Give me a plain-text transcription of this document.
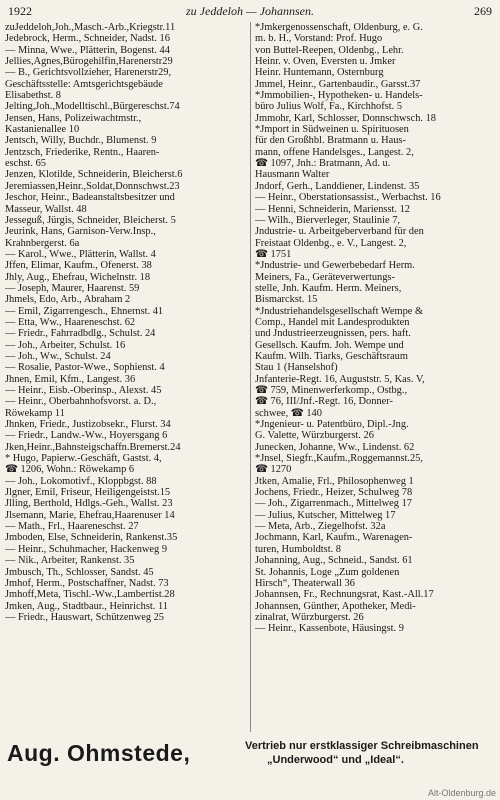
1922	zu Jeddeloh — Johannsen.	269
zuJeddeloh,Joh.,Masch.-Arb.,Kriegstr.11
Jedebrock, Herm., Schneider, Nadst. 16
— Minna, Wwe., Plätterin, Bogenst. 44
Jellies,Agnes,Bürogehilfin,Harenerstr29
— B., Gerichtsvollzieher, Harenerstr29,
Geschäftsstelle: Amtsgerichtsgebäude
Elisabethst. 8
Jelting,Joh.,Modelltischl.,Bürgereschst.74
Jensen, Hans, Polizeiwachtmstr.,
Kastanienallee 10
Jentsch, Willy, Buchdr., Blumenst. 9
Jentzsch, Friederike, Rentn., Haaren-
eschst. 65
Jenzen, Klotilde, Schneiderin, Bleicherst.6
Jeremiassen,Heinr.,Soldat,Donnschwst.23
Jeschor, Heinr., Badeanstaltsbesitzer und
Masseur, Wallst. 48
Jesseguß, Jürgis, Schneider, Bleicherst. 5
Jeurink, Hans, Garnison-Verw.Insp.,
Krahnbergerst. 6a
— Karol., Wwe., Plätterin, Wallst. 4
Jffen, Elimar, Kaufm., Ofenerst. 38
Jhly, Aug., Ehefrau, Wichelnstr. 18
— Joseph, Maurer, Haarenst. 59
Jhmels, Edo, Arb., Abraham 2
— Emil, Zigarrengesch., Ehnernst. 41
— Etta, Ww., Haareneschst. 62
— Friedr., Fahrradbdlg., Schulst. 24
— Joh., Arbeiter, Schulst. 16
— Joh., Ww., Schulst. 24
— Rosalie, Pastor-Wwe., Sophienst. 4
Jhnen, Emil, Kfm., Langest. 36
— Heinr., Eisb.-Oberinsp., Alexst. 45
— Heinr., Oberbahnhofsvorst. a. D.,
Röwekamp 11
Jhnken, Friedr., Justizobsekr., Flurst. 34
— Friedr., Landw.-Ww., Hoyersgang 6
Jken,Heinr.,Bahnsteigschaffn.Bremerst.24
* Hugo, Papierw.-Geschäft, Gastst. 4,
☎ 1206, Wohn.: Röwekamp 6
— Joh., Lokomotivf., Kloppbgst. 88
Jlgner, Emil, Friseur, Heiligengeistst.15
Jlling, Berthold, Hdlgs.-Geh., Wallst. 23
Jlsemann, Marie, Ehefrau,Haarenuser 14
— Math., Frl., Haareneschst. 27
Jmboden, Else, Schneiderin, Rankenst.35
— Heinr., Schuhmacher, Hackenweg 9
— Nik., Arbeiter, Rankenst. 35
Jmbusch, Th., Schlosser, Sandst. 45
Jmhof, Herm., Postschaffner, Nadst. 73
Jmhoff,Meta, Tischl.-Ww.,Lambertist.28
Jmken, Aug., Stadtbaur., Heinrichst. 11
— Friedr., Hauswart, Schützenweg 25
*Jmkergenossenschaft, Oldenburg, e. G.
m. b. H., Vorstand: Prof. Hugo
von Buttel-Reepen, Oldenbg., Lehr.
Heinr. v. Oven, Eversten u. Jmker
Heinr. Huntemann, Osternburg
Jmmel, Heinr., Gartenbaudir., Garsst.37
*Jmmobilien-, Hypotheken- u. Handels-
büro Julius Wolf, Fa., Kirchhofst. 5
Jmmohr, Karl, Schlosser, Donnschwsch. 18
*Jmport in Südweinen u. Spirituosen
für den Großhbl. Bratmann u. Haus-
mann, offene Handelsges., Langest. 2,
☎ 1097, Jnh.: Bratmann, Ad. u.
Hausmann Walter
Jndorf, Gerh., Landdiener, Lindenst. 35
— Heinr., Oberstationsassist., Werbachst. 16
— Henni, Schneiderin, Mariensst. 12
— Wilh., Bierverleger, Staulinie 7,
Jndustrie- u. Arbeitgeberverband für den
Freistaat Oldenbg., e. V., Langest. 2,
☎ 1751
*Jndustrie- und Gewerbebedarf Herm.
Meiners, Fa., Geräteverwertungs-
stelle, Jnh. Kaufm. Herm. Meiners,
Bismarckst. 15
*Jndustriehandelsgesellschaft Wempe &
Comp., Handel mit Landesprodukten
und Jndustrieerzeugnissen, pers. haft.
Gesellsch. Kaufm. Joh. Wempe und
Kaufm. Wilh. Tiarks, Geschäftsraum
Stau 1 (Hanselshof)
Jnfanterie-Regt. 16, Auguststr. 5, Kas. V,
☎ 759, Minenwerferkomp., Ostbg.,
☎ 76, III/Jnf.-Regt. 16, Donner-
schwee, ☎ 140
*Jngenieur- u. Patentbüro, Dipl.-Jng.
G. Valette, Würzburgerst. 26
Junecken, Johanne, Ww., Lindenst. 62
*Jnsel, Siegfr.,Kaufm.,Roggemannst.25,
☎ 1270
Jtken, Amalie, Frl., Philosophenweg 1
Jochens, Friedr., Heizer, Schulweg 78
— Joh., Zigarrenmach., Mittelweg 17
— Julius, Kutscher, Mittelweg 17
— Meta, Arb., Ziegelhofst. 32a
Jochmann, Karl, Kaufm., Warenagen-
turen, Humboldtst. 8
Johanning, Aug., Schneid., Sandst. 61
St. Johannis, Loge „Zum goldenen
Hirsch“, Theaterwall 36
Johannsen, Fr., Rechnungsrat, Kast.-All.17
Johannsen, Günther, Apotheker, Medi-
zinalrat, Würzburgerst. 26
— Heinr., Kassenbote, Häusingst. 9
Aug. Ohmstede,	Vertrieb nur erstklassiger Schreibmaschinen
„Underwood“ und „Ideal“.
Alt-Oldenburg.de
